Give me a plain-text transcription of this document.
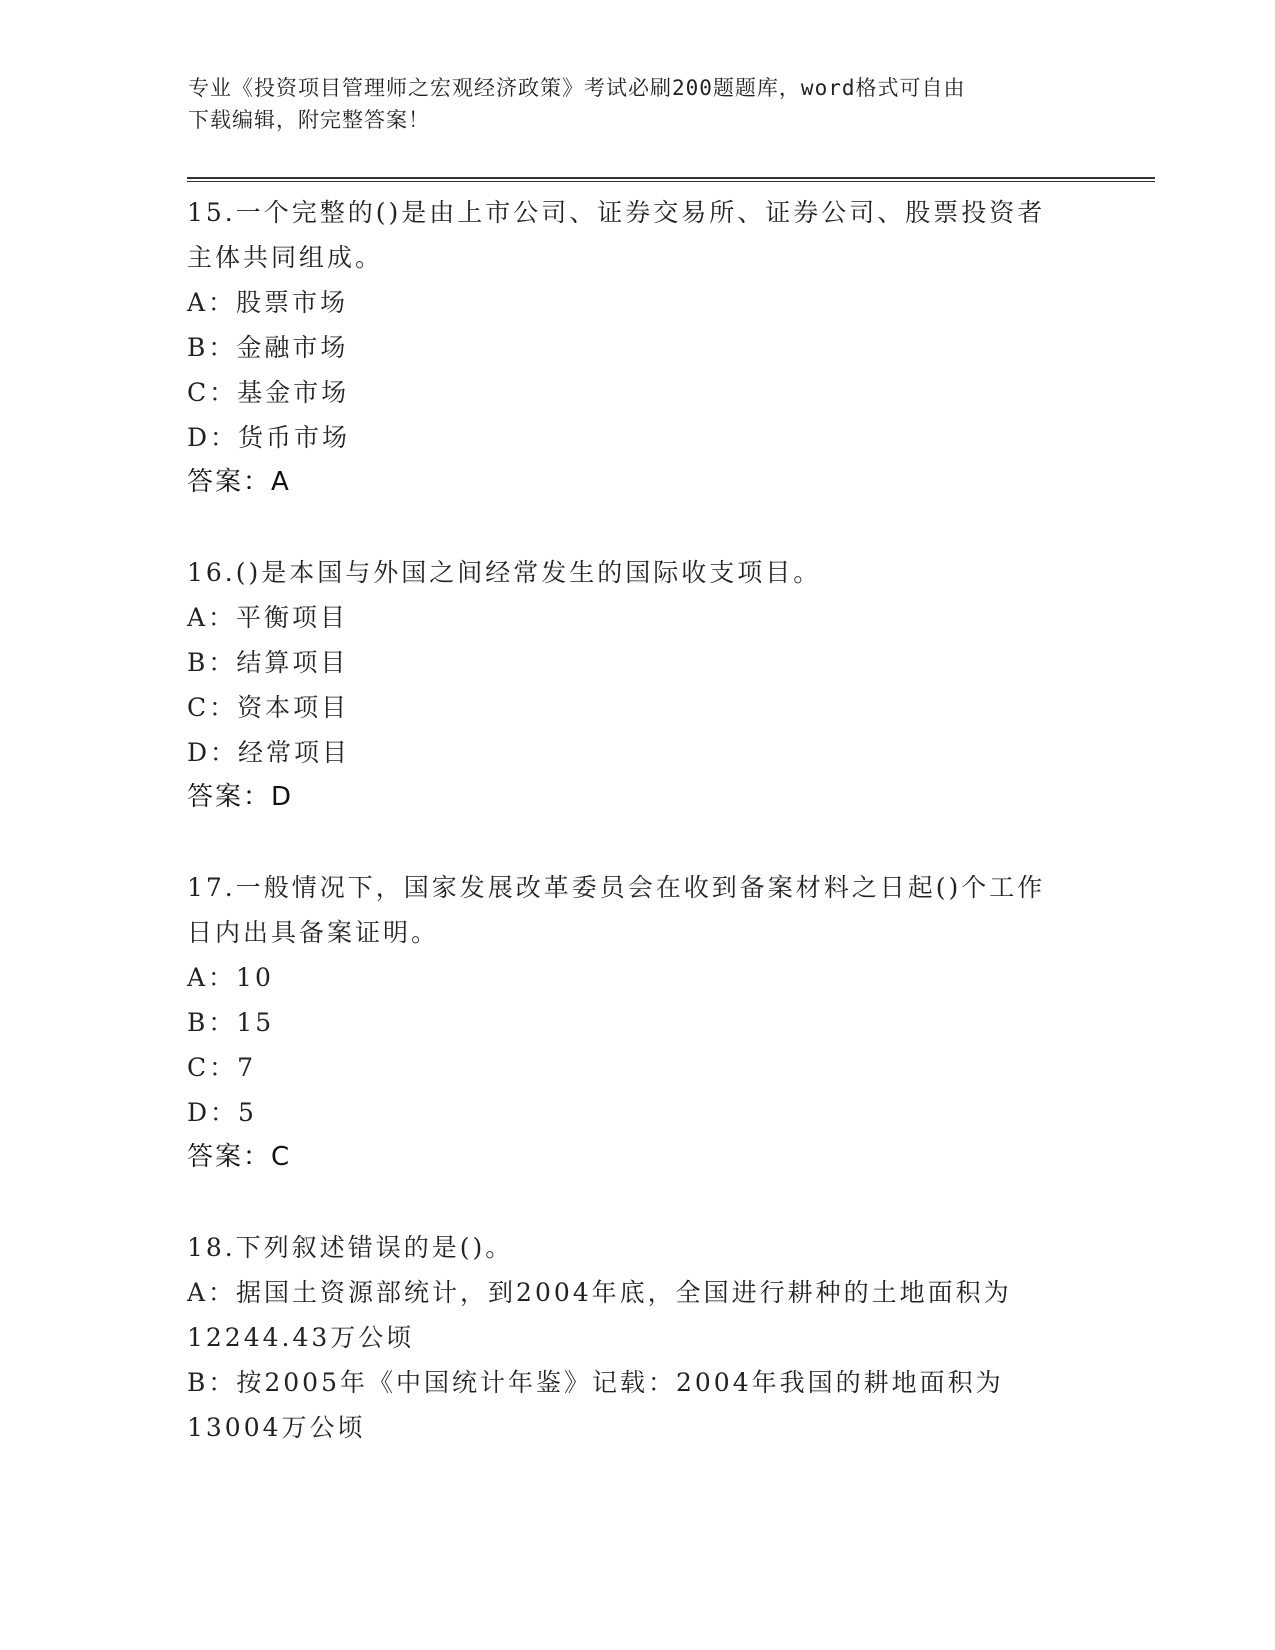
专业《投资项目管理师之宏观经济政策》考试必刷200题题库，word格式可自由
下载编辑，附完整答案！
15.一个完整的()是由上市公司、证券交易所、证券公司、股票投资者
主体共同组成。
A：股票市场
B：金融市场
C：基金市场
D：货币市场
答案：A
16.()是本国与外国之间经常发生的国际收支项目。
A：平衡项目
B：结算项目
C：资本项目
D：经常项目
答案：D
17.一般情况下，国家发展改革委员会在收到备案材料之日起()个工作
日内出具备案证明。
A：10
B：15
C：7
D：5
答案：C
18.下列叙述错误的是()。
A：据国土资源部统计，到2004年底，全国进行耕种的土地面积为
12244.43万公顷
B：按2005年《中国统计年鉴》记载：2004年我国的耕地面积为
13004万公顷
